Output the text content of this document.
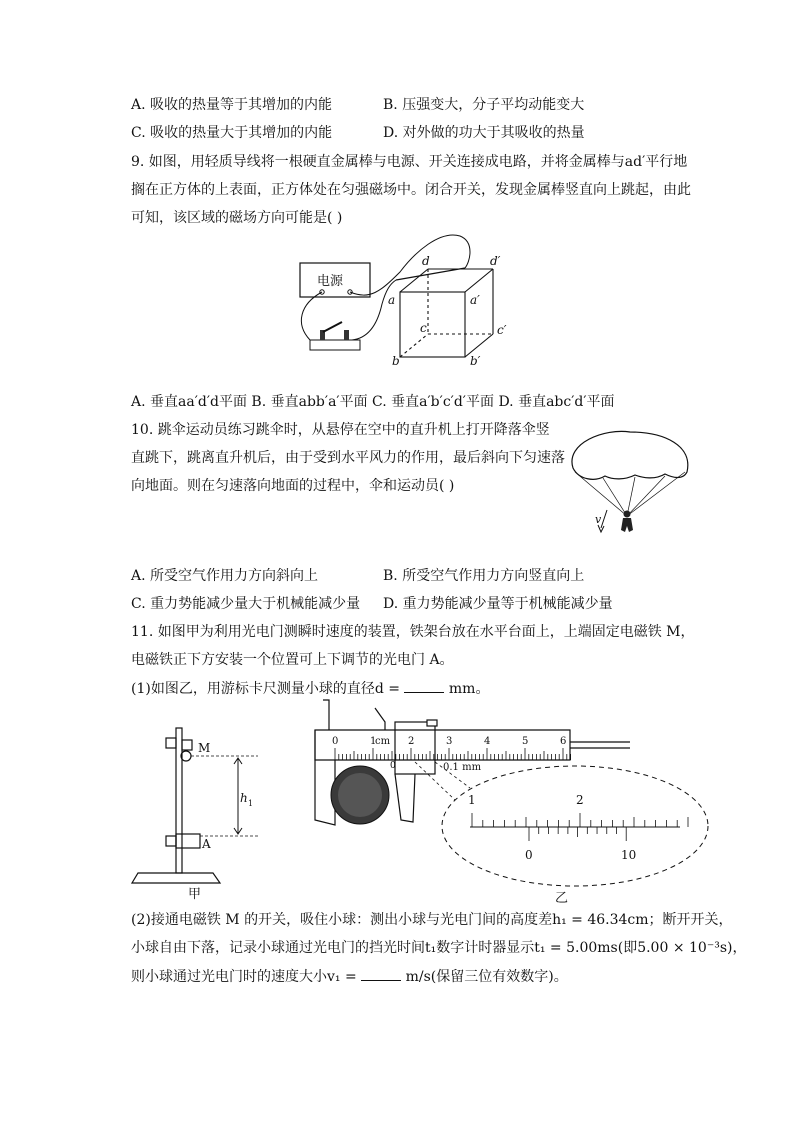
A. 吸收的热量等于其增加的内能	B. 压强变大，分子平均动能变大
C. 吸收的热量大于其增加的内能	D. 对外做的功大于其吸收的热量
9. 如图，用轻质导线将一根硬直金属棒与电源、开关连接成电路，并将金属棒与ad′平行地
搁在正方体的上表面，正方体处在匀强磁场中。闭合开关，发现金属棒竖直向上跳起，由此
可知，该区域的磁场方向可能是( )
电源
a
b
c
d
a′
b′
c′
d′
A. 垂直aa′d′d平面 B. 垂直abb′a′平面 C. 垂直a′b′c′d′平面 D. 垂直abc′d′平面
10. 跳伞运动员练习跳伞时，从悬停在空中的直升机上打开降落伞竖
直跳下，跳离直升机后，由于受到水平风力的作用，最后斜向下匀速落
向地面。则在匀速落向地面的过程中，伞和运动员( )
v
A. 所受空气作用力方向斜向上	B. 所受空气作用力方向竖直向上
C. 重力势能减少量大于机械能减少量 D. 重力势能减少量等于机械能减少量
11. 如图甲为利用光电门测瞬时速度的装置，铁架台放在水平台面上，上端固定电磁铁 M，
电磁铁正下方安装一个位置可上下调节的光电门 A。
(1)如图乙，用游标卡尺测量小球的直径d =	mm。
M
h 1
A
甲
cm
0	1	2	3	4	5	6
0	0.1 mm
1	2
0	10
乙
(2)接通电磁铁 M 的开关，吸住小球：测出小球与光电门间的高度差h₁ = 46.34cm；断开开关，
小球自由下落，记录小球通过光电门的挡光时间t₁数字计时器显示t₁ = 5.00ms(即5.00 × 10⁻³s)，
则小球通过光电门时的速度大小v₁ =	m/s(保留三位有效数字)。
